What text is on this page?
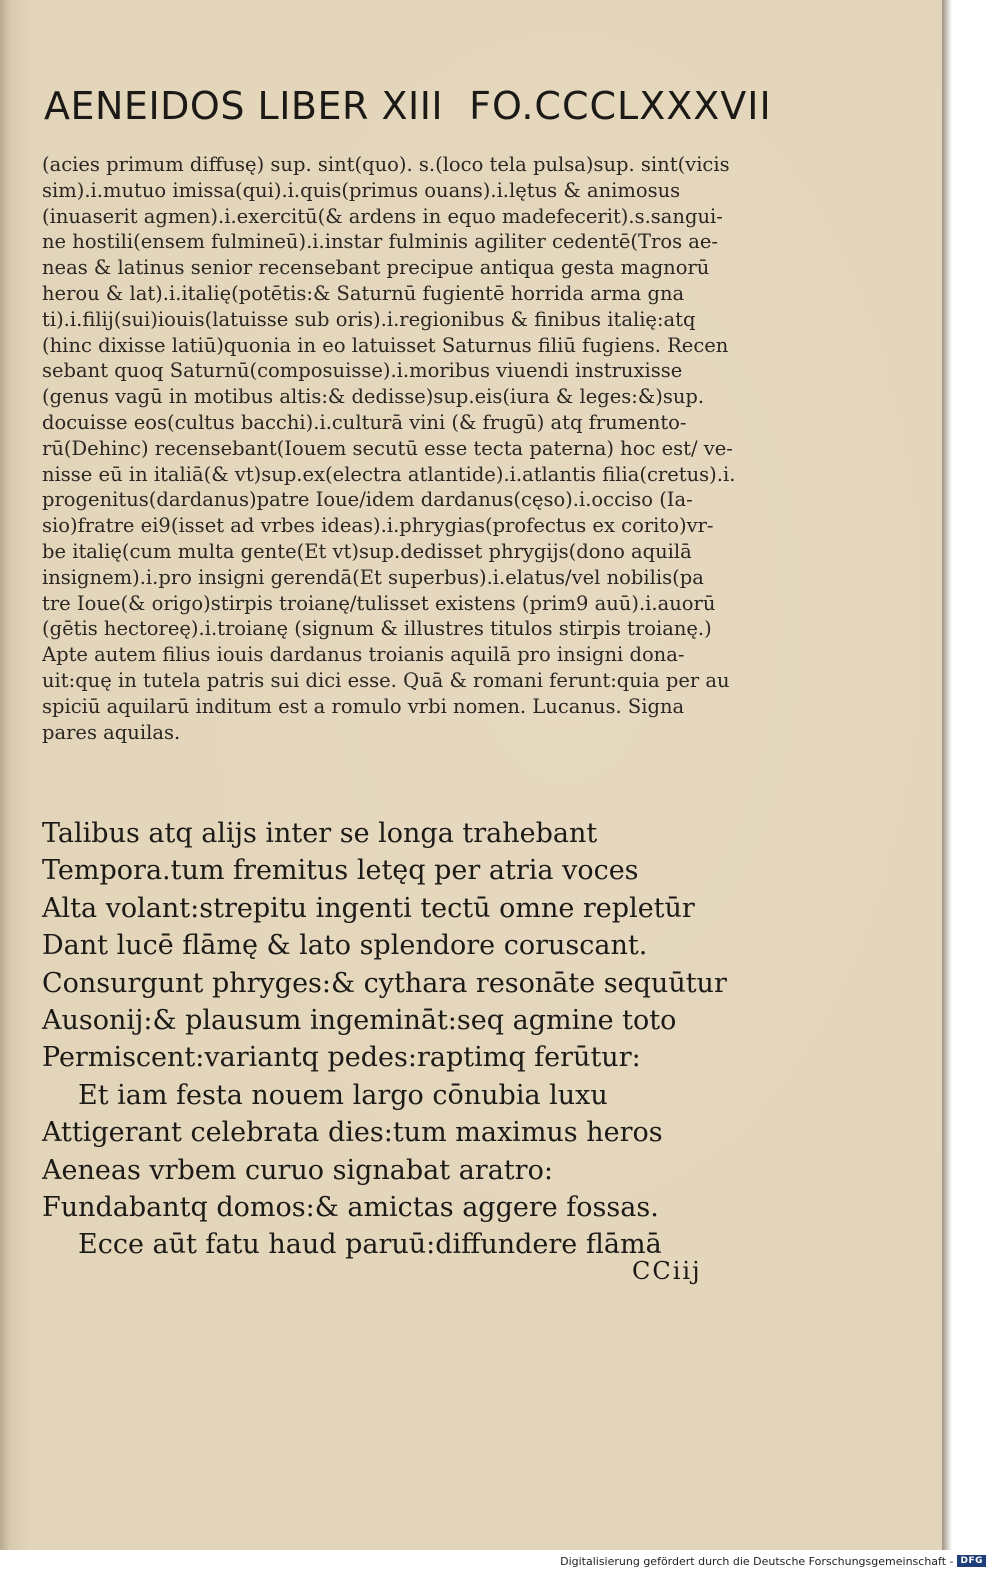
AENEIDOS LIBER XIII FO.CCCLXXXVII
(acies primum diffusę) sup. sint(quo). s.(loco tela pulsa)sup. sint(vicis
sim).i.mutuo imissa(qui).i.quis(primus ouans).i.lętus & animosus
(inuaserit agmen).i.exercitū(& ardens in equo madefecerit).s.sangui-
ne hostili(ensem fulmineū).i.instar fulminis agiliter cedentē(Tros ae-
neas & latinus senior recensebant precipue antiqua gesta magnorū
herou & lat).i.italię(potētis:& Saturnū fugientē horrida arma gna
ti).i.filij(sui)iouis(latuisse sub oris).i.regionibus & finibus italię:atq
(hinc dixisse latiū)quonia in eo latuisset Saturnus filiū fugiens. Recen
sebant quoq Saturnū(composuisse).i.moribus viuendi instruxisse
(genus vagū in motibus altis:& dedisse)sup.eis(iura & leges:&)sup.
docuisse eos(cultus bacchi).i.culturā vini (& frugū) atq frumento-
rū(Dehinc) recensebant(Iouem secutū esse tecta paterna) hoc est/ ve-
nisse eū in italiā(& vt)sup.ex(electra atlantide).i.atlantis filia(cretus).i.
progenitus(dardanus)patre Ioue/idem dardanus(cęso).i.occiso (Ia-
sio)fratre ei9(isset ad vrbes ideas).i.phrygias(profectus ex corito)vr-
be italię(cum multa gente(Et vt)sup.dedisset phrygijs(dono aquilā
insignem).i.pro insigni gerendā(Et superbus).i.elatus/vel nobilis(pa
tre Ioue(& origo)stirpis troianę/tulisset existens (prim9 auū).i.auorū
(gētis hectoreę).i.troianę (signum & illustres titulos stirpis troianę.)
Apte autem filius iouis dardanus troianis aquilā pro insigni dona-
uit:quę in tutela patris sui dici esse. Quā & romani ferunt:quia per au
spiciū aquilarū inditum est a romulo vrbi nomen. Lucanus. Signa
pares aquilas.
Talibus atq alijs inter se longa trahebant
Tempora.tum fremitus letęq per atria voces
Alta volant:strepitu ingenti tectū omne repletūr
Dant lucē flāmę & lato splendore coruscant.
Consurgunt phryges:& cythara resonāte sequūtur
Ausonij:& plausum ingemināt:seq agmine toto
Permiscent:variantq pedes:raptimq ferūtur:
Et iam festa nouem largo cōnubia luxu
Attigerant celebrata dies:tum maximus heros
Aeneas vrbem curuo signabat aratro:
Fundabantq domos:& amictas aggere fossas.
Ecce aūt fatu haud paruū:diffundere flāmā
CCiij
Digitalisierung gefördert durch die Deutsche Forschungsgemeinschaft - DFG
